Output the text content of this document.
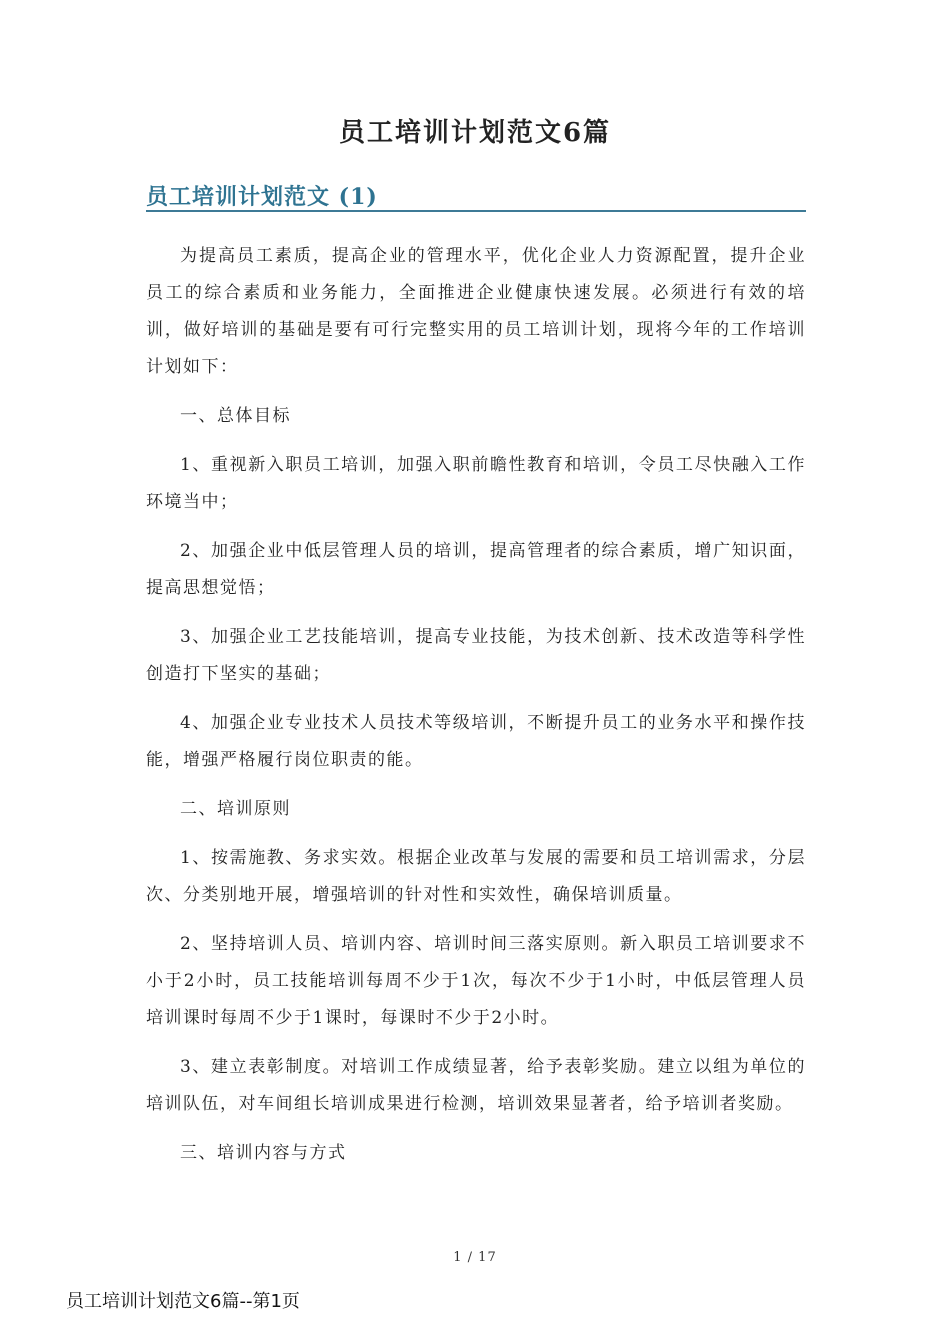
员工培训计划范文6篇
员工培训计划范文 (1)

为提高员工素质，提高企业的管理水平，优化企业人力资源配置，提升企业员工的综合素质和业务能力，全面推进企业健康快速发展。必须进行有效的培训，做好培训的基础是要有可行完整实用的员工培训计划，现将今年的工作培训计划如下：

一、总体目标

1、重视新入职员工培训，加强入职前瞻性教育和培训，令员工尽快融入工作环境当中；

2、加强企业中低层管理人员的培训，提高管理者的综合素质，增广知识面，提高思想觉悟；

3、加强企业工艺技能培训，提高专业技能，为技术创新、技术改造等科学性创造打下坚实的基础；

4、加强企业专业技术人员技术等级培训，不断提升员工的业务水平和操作技能，增强严格履行岗位职责的能。

二、培训原则

1、按需施教、务求实效。根据企业改革与发展的需要和员工培训需求，分层次、分类别地开展，增强培训的针对性和实效性，确保培训质量。

2、坚持培训人员、培训内容、培训时间三落实原则。新入职员工培训要求不小于2小时，员工技能培训每周不少于1次，每次不少于1小时，中低层管理人员培训课时每周不少于1课时，每课时不少于2小时。

3、建立表彰制度。对培训工作成绩显著，给予表彰奖励。建立以组为单位的培训队伍，对车间组长培训成果进行检测，培训效果显著者，给予培训者奖励。

三、培训内容与方式

1 / 17
员工培训计划范文6篇--第1页
